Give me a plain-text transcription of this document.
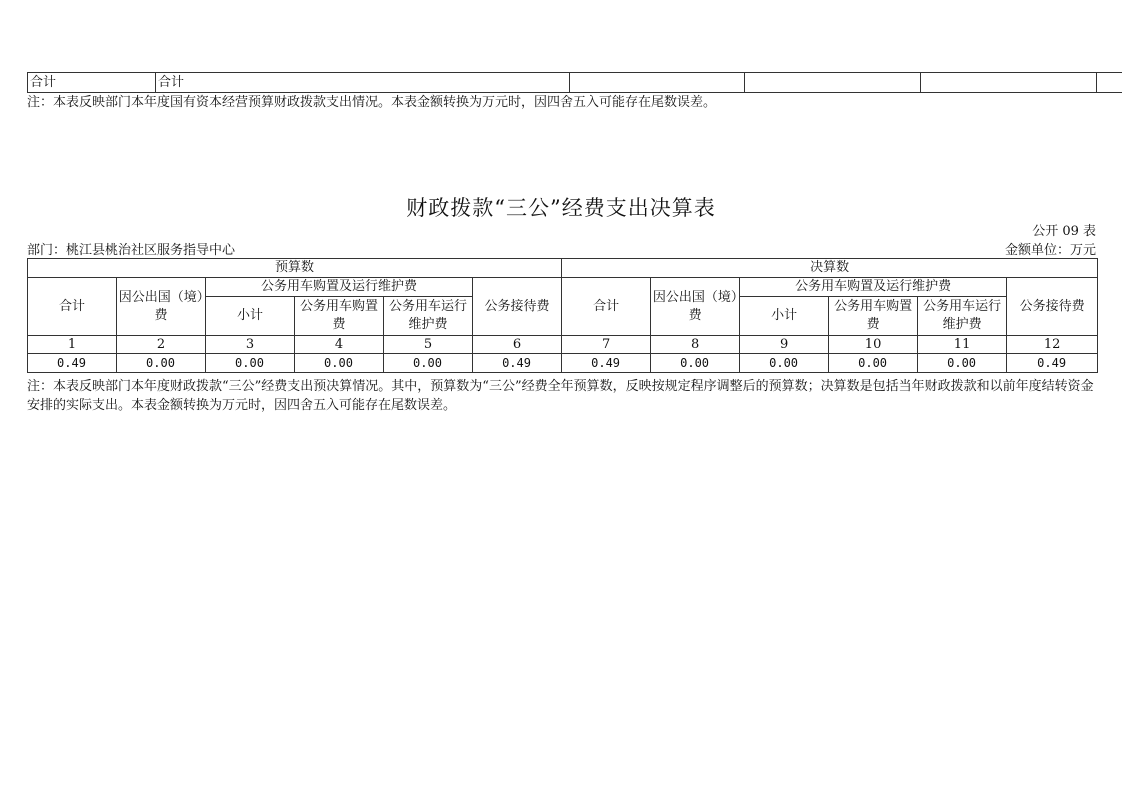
合计	合计				
注：本表反映部门本年度国有资本经营预算财政拨款支出情况。本表金额转换为万元时，因四舍五入可能存在尾数误差。
财政拨款“三公”经费支出决算表
公开 09 表
部门：桃江县桃治社区服务指导中心	金额单位：万元
预算数						决算数					
合计	因公出国（境）费	公务用车购置及运行维护费			公务接待费	合计	因公出国（境）费	公务用车购置及运行维护费			公务接待费
		小计	公务用车购置费	公务用车运行维护费				小计	公务用车购置费	公务用车运行维护费	
1	2	3	4	5	6	7	8	9	10	11	12
0.49	0.00	0.00	0.00	0.00	0.49	0.49	0.00	0.00	0.00	0.00	0.49
注：本表反映部门本年度财政拨款“三公”经费支出预决算情况。其中，预算数为“三公”经费全年预算数，反映按规定程序调整后的预算数；决算数是包括当年财政拨款和以前年度结转资金安排的实际支出。本表金额转换为万元时，因四舍五入可能存在尾数误差。
